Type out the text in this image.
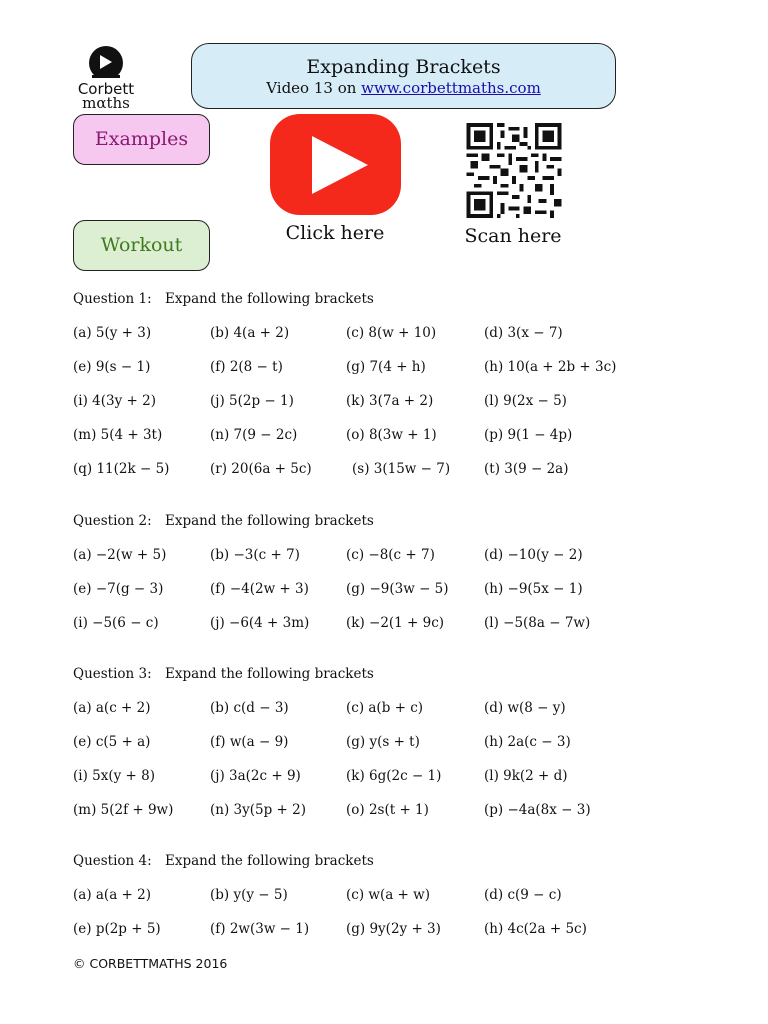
Corbett
mαths
Expanding Brackets
Video 13 on www.corbettmaths.com
Examples
Workout
Click here	Scan here
Question 1: Expand the following brackets
(a) 5(y + 3)	(b) 4(a + 2)	(c) 8(w + 10)	(d) 3(x − 7)
(e) 9(s − 1)	(f) 2(8 − t)	(g) 7(4 + h)	(h) 10(a + 2b + 3c)
(i) 4(3y + 2)	(j) 5(2p − 1)	(k) 3(7a + 2)	(l) 9(2x − 5)
(m) 5(4 + 3t)	(n) 7(9 − 2c)	(o) 8(3w + 1)	(p) 9(1 − 4p)
(q) 11(2k − 5)	(r) 20(6a + 5c)	(s) 3(15w − 7)	(t) 3(9 − 2a)
Question 2: Expand the following brackets
(a) −2(w + 5)	(b) −3(c + 7)	(c) −8(c + 7)	(d) −10(y − 2)
(e) −7(g − 3)	(f) −4(2w + 3)	(g) −9(3w − 5)	(h) −9(5x − 1)
(i) −5(6 − c)	(j) −6(4 + 3m)	(k) −2(1 + 9c)	(l) −5(8a − 7w)
Question 3: Expand the following brackets
(a) a(c + 2)	(b) c(d − 3)	(c) a(b + c)	(d) w(8 − y)
(e) c(5 + a)	(f) w(a − 9)	(g) y(s + t)	(h) 2a(c − 3)
(i) 5x(y + 8)	(j) 3a(2c + 9)	(k) 6g(2c − 1)	(l) 9k(2 + d)
(m) 5(2f + 9w)	(n) 3y(5p + 2)	(o) 2s(t + 1)	(p) −4a(8x − 3)
Question 4: Expand the following brackets
(a) a(a + 2)	(b) y(y − 5)	(c) w(a + w)	(d) c(9 − c)
(e) p(2p + 5)	(f) 2w(3w − 1)	(g) 9y(2y + 3)	(h) 4c(2a + 5c)
© CORBETTMATHS 2016
